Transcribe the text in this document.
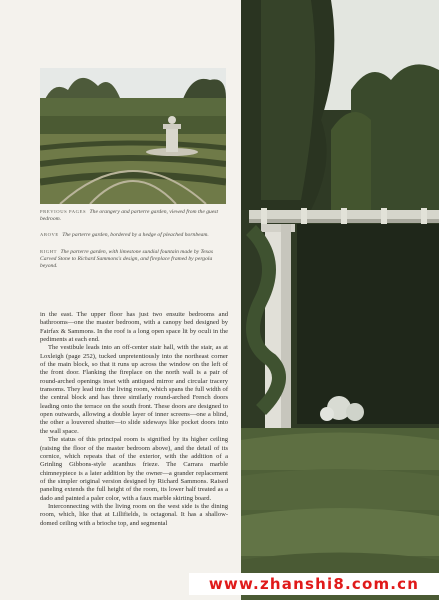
PREVIOUS PAGES The orangery and parterre garden, viewed from the guest bedroom.

ABOVE The parterre garden, bordered by a hedge of pleached hornbeam.

RIGHT The parterre garden, with limestone sundial fountain made by Texas Carved Stone to Richard Sammons's design, and fireplace framed by pergola beyond.

in the east. The upper floor has just two ensuite bedrooms and bathrooms—one the master bedroom, with a canopy bed designed by Fairfax & Sammons. In the roof is a long open space lit by oculi in the pediments at each end.

The vestibule leads into an off-center stair hall, with the stair, as at Loxleigh (page 252), tucked unpretentiously into the northeast corner of the main block, so that it runs up across the window on the left of the front door. Flanking the fireplace on the north wall is a pair of round-arched openings inset with antiqued mirror and circular tracery transoms. They lead into the living room, which spans the full width of the central block and has three similarly round-arched French doors leading onto the terrace on the south front. These doors are designed to open outwards, allowing a double layer of inner screens—one a blind, the other a louvered shutter—to slide sideways like pocket doors into the wall space.

The status of this principal room is signified by its higher ceiling (raising the floor of the master bedroom above), and the detail of its cornice, which repeats that of the exterior, with the addition of a Grinling Gibbons-style acanthus frieze. The Carrara marble chimneypiece is a later addition by the owner—a grander replacement of the simpler original version designed by Richard Sammons. Raised paneling extends the full height of the room, its lower half treated as a dado and painted a paler color, with a faux marble skirting board.

Interconnecting with the living room on the west side is the dining room, which, like that at Lillifields, is octagonal. It has a shallow-domed ceiling with a brioche top, and segmental

www.zhanshi8.com.cn
